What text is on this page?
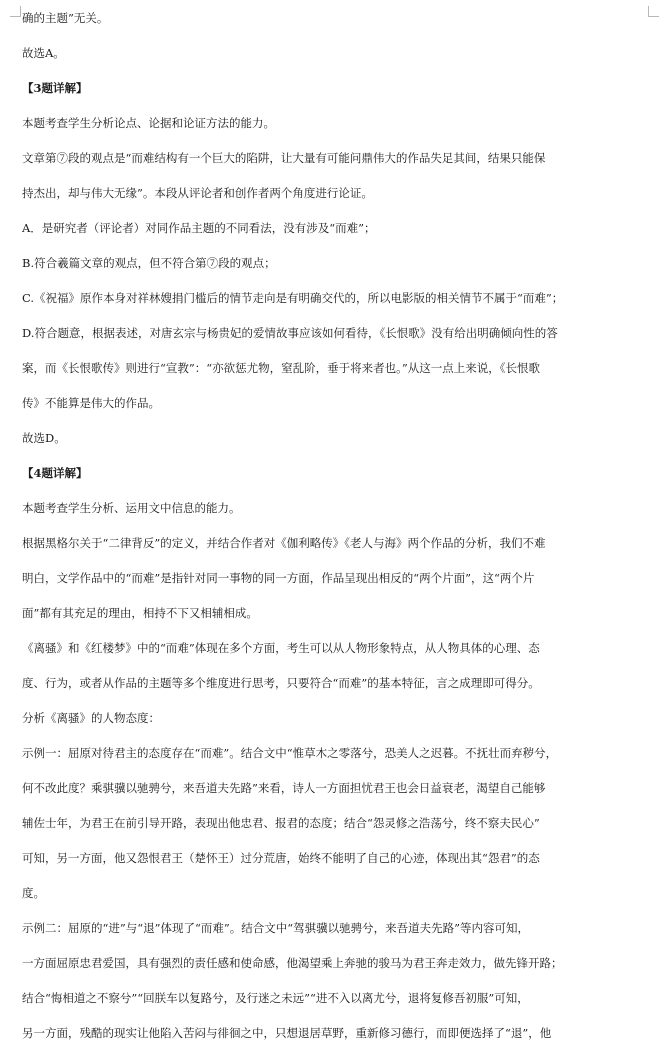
确的主题”无关。

故选A。

【3题详解】

本题考查学生分析论点、论据和论证方法的能力。

文章第⑦段的观点是“而难结构有一个巨大的陷阱，让大量有可能问鼎伟大的作品失足其间，结果只能保

持杰出，却与伟大无缘”。本段从评论者和创作者两个角度进行论证。

A．是研究者（评论者）对同作品主题的不同看法，没有涉及“而难”；

B.符合羲篇文章的观点，但不符合第⑦段的观点；

C.《祝福》原作本身对祥林嫂捐门槛后的情节走向是有明确交代的，所以电影版的相关情节不属于“而难”；

D.符合题意，根据表述，对唐玄宗与杨贵妃的爱情故事应该如何看待，《长恨歌》没有给出明确倾向性的答

案，而《长恨歌传》则进行“宣教”：“亦欲惩尤物，窒乱阶，垂于将来者也。”从这一点上来说，《长恨歌

传》不能算是伟大的作品。

故选D。

【4题详解】

本题考查学生分析、运用文中信息的能力。

根据黑格尔关于“二律背反”的定义，并结合作者对《伽利略传》《老人与海》两个作品的分析，我们不难

明白，文学作品中的“而难”是指针对同一事物的同一方面，作品呈现出相反的“两个片面”，这“两个片

面”都有其充足的理由，相持不下又相辅相成。

《离骚》和《红楼梦》中的“而难”体现在多个方面，考生可以从人物形象特点，从人物具体的心理、态

度、行为，或者从作品的主题等多个维度进行思考，只要符合“而难”的基本特征，言之成理即可得分。

分析《离骚》的人物态度：

示例一：屈原对待君主的态度存在“而难”。结合文中“惟草木之零落兮，恐美人之迟暮。不抚壮而弃秽兮，

何不改此度？乘骐骥以驰骋兮，来吾道夫先路”来看，诗人一方面担忧君王也会日益衰老，渴望自己能够

辅佐士年，为君王在前引导开路，表现出他忠君、报君的态度；结合“怨灵修之浩荡兮，终不察夫民心”

可知，另一方面，他又怨恨君王（楚怀王）过分荒唐，始终不能明了自己的心迹，体现出其“怨君”的态

度。

示例二：屈原的“进”与“退”体现了“而难”。结合文中“驾骐骥以驰骋兮，来吾道夫先路”等内容可知，

一方面屈原忠君爱国，具有强烈的责任感和使命感，他渴望乘上奔驰的骏马为君王奔走效力，做先锋开路；

结合“悔相道之不察兮”“回朕车以复路兮，及行迷之未远”“进不入以离尤兮，退将复修吾初服”可知，

另一方面，残酷的现实让他陷入苦闷与徘徊之中，只想退居草野，重新修习德行，而即便选择了“退”，他
